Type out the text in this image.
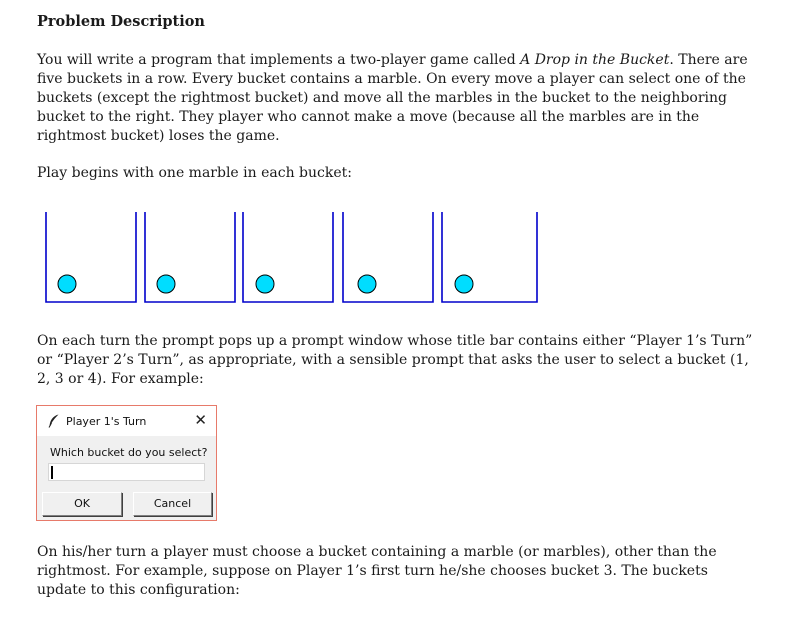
Problem Description

You will write a program that implements a two-player game called A Drop in the Bucket. There are five buckets in a row. Every bucket contains a marble. On every move a player can select one of the buckets (except the rightmost bucket) and move all the marbles in the bucket to the neighboring bucket to the right. They player who cannot make a move (because all the marbles are in the rightmost bucket) loses the game.

Play begins with one marble in each bucket:

On each turn the prompt pops up a prompt window whose title bar contains either “Player 1’s Turn” or “Player 2’s Turn”, as appropriate, with a sensible prompt that asks the user to select a bucket (1, 2, 3 or 4). For example:

Player 1's Turn	✕
Which bucket do you select?
OK	Cancel

On his/her turn a player must choose a bucket containing a marble (or marbles), other than the rightmost. For example, suppose on Player 1’s first turn he/she chooses bucket 3. The buckets update to this configuration:
